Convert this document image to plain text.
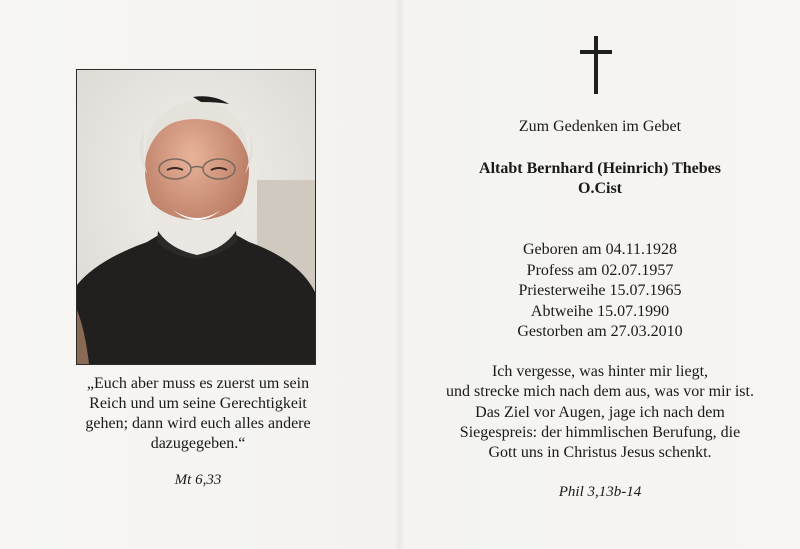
„Euch aber muss es zuerst um sein
Reich und um seine Gerechtigkeit
gehen; dann wird euch alles andere
dazugegeben.“
Mt 6,33
Zum Gedenken im Gebet
Altabt Bernhard (Heinrich) Thebes
O.Cist
Geboren am 04.11.1928
Profess am 02.07.1957
Priesterweihe 15.07.1965
Abtweihe 15.07.1990
Gestorben am 27.03.2010
Ich vergesse, was hinter mir liegt,
und strecke mich nach dem aus, was vor mir ist.
Das Ziel vor Augen, jage ich nach dem
Siegespreis: der himmlischen Berufung, die
Gott uns in Christus Jesus schenkt.
Phil 3,13b-14
